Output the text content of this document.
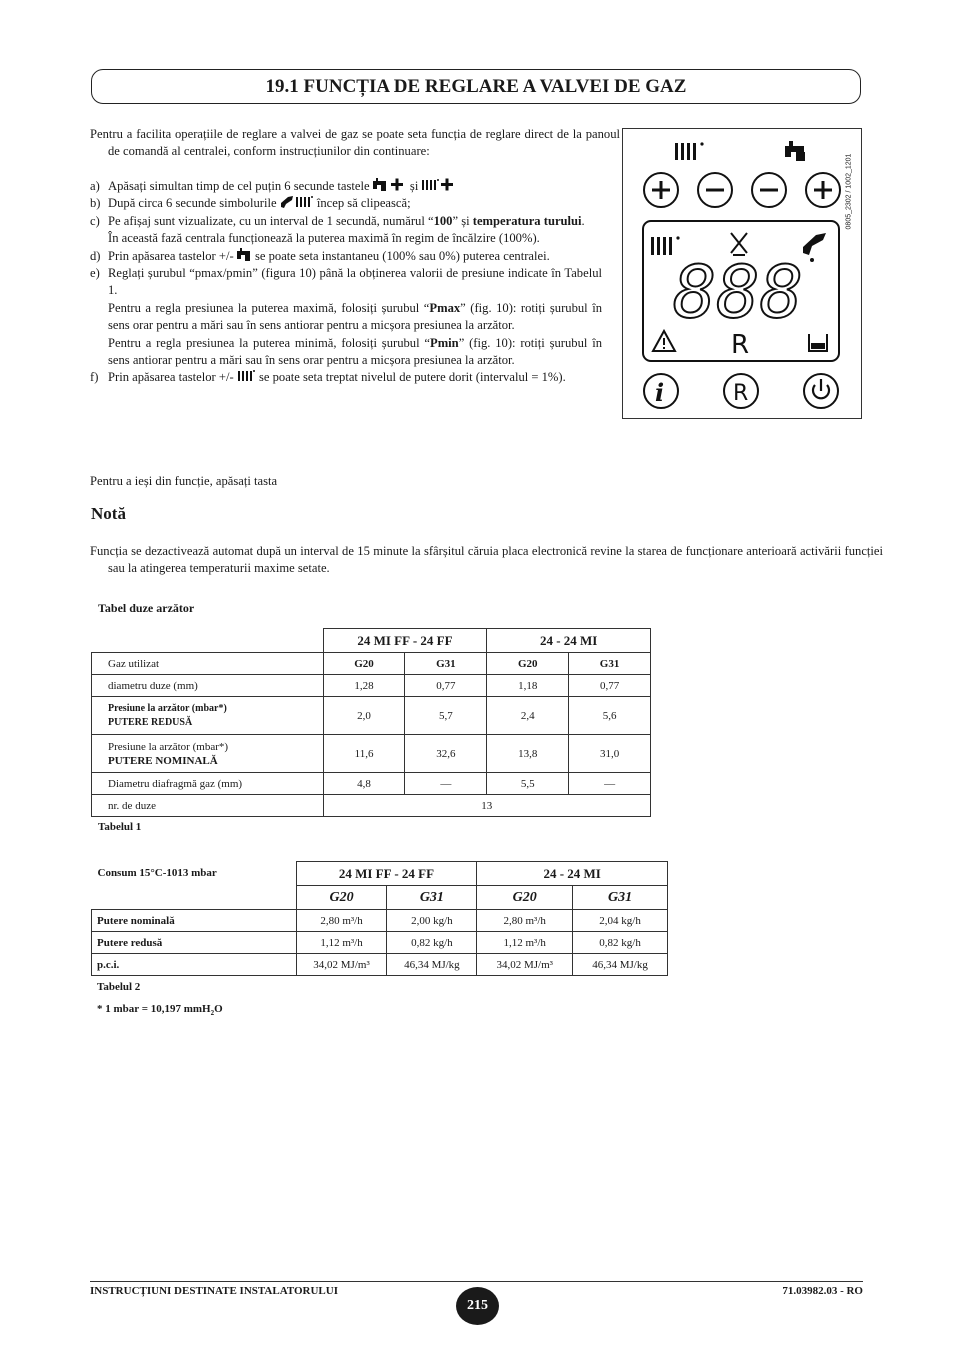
19.1 FUNCȚIA DE REGLARE A VALVEI DE GAZ
Pentru a facilita operațiile de reglare a valvei de gaz se poate seta funcția de reglare direct de la panoul de comandă al centralei, conform instrucțiunilor din continuare:
a) Apăsați simultan timp de cel puțin 6 secunde tastele	și
b) După circa 6 secunde simbolurile	încep să clipească;
c) Pe afișaj sunt vizualizate, cu un interval de 1 secundă, numărul “100” și temperatura turului.
În această fază centrala funcționează la puterea maximă în regim de încălzire (100%).
d) Prin apăsarea tastelor +/- se poate seta instantaneu (100% sau 0%) puterea centralei.
e) Reglați șurubul “pmax/pmin” (figura 10) până la obținerea valorii de presiune indicate în Tabelul 1.
Pentru a regla presiunea la puterea maximă, folosiți șurubul “Pmax” (fig. 10): rotiți șurubul în sens orar pentru a mări sau în sens antiorar pentru a micșora presiunea la arzător.
Pentru a regla presiunea la puterea minimă, folosiți șurubul “Pmin” (fig. 10): rotiți șurubul în sens antiorar pentru a mări sau în sens orar pentru a micșora presiunea la arzător.
f) Prin apăsarea tastelor +/- se poate seta treptat nivelul de putere dorit (intervalul = 1%).
Pentru a ieși din funcție, apăsați tasta
Notă
Funcția se dezactivează automat după un interval de 15 minute la sfârșitul căruia placa electronică revine la starea de funcționare anterioară activării funcției sau la atingerea temperaturii maxime setate.
888
R
i	R
0805_2302 / 1002_1201
Tabel duze arzător
	24 MI FF - 24 FF		24 - 24 MI	
Gaz utilizat	G20	G31	G20	G31
diametru duze (mm)	1,28	0,77	1,18	0,77
Presiune la arzător (mbar*)
PUTERE REDUSĂ	2,0	5,7	2,4	5,6
Presiune la arzător (mbar*)
PUTERE NOMINALĂ	11,6	32,6	13,8	31,0
Diametru diafragmă gaz (mm)	4,8	—	5,5	—
nr. de duze	13			
Tabelul 1
Consum 15°C-1013 mbar	24 MI FF - 24 FF		24 - 24 MI	
	G20	G31	G20	G31
Putere nominală	2,80 m³/h	2,00 kg/h	2,80 m³/h	2,04 kg/h
Putere redusă	1,12 m³/h	0,82 kg/h	1,12 m³/h	0,82 kg/h
p.c.i.	34,02 MJ/m³	46,34 MJ/kg	34,02 MJ/m³	46,34 MJ/kg
Tabelul 2
* 1 mbar = 10,197 mmH$_2$O
INSTRUCȚIUNI DESTINATE INSTALATORULUI
215
71.03982.03 - RO
